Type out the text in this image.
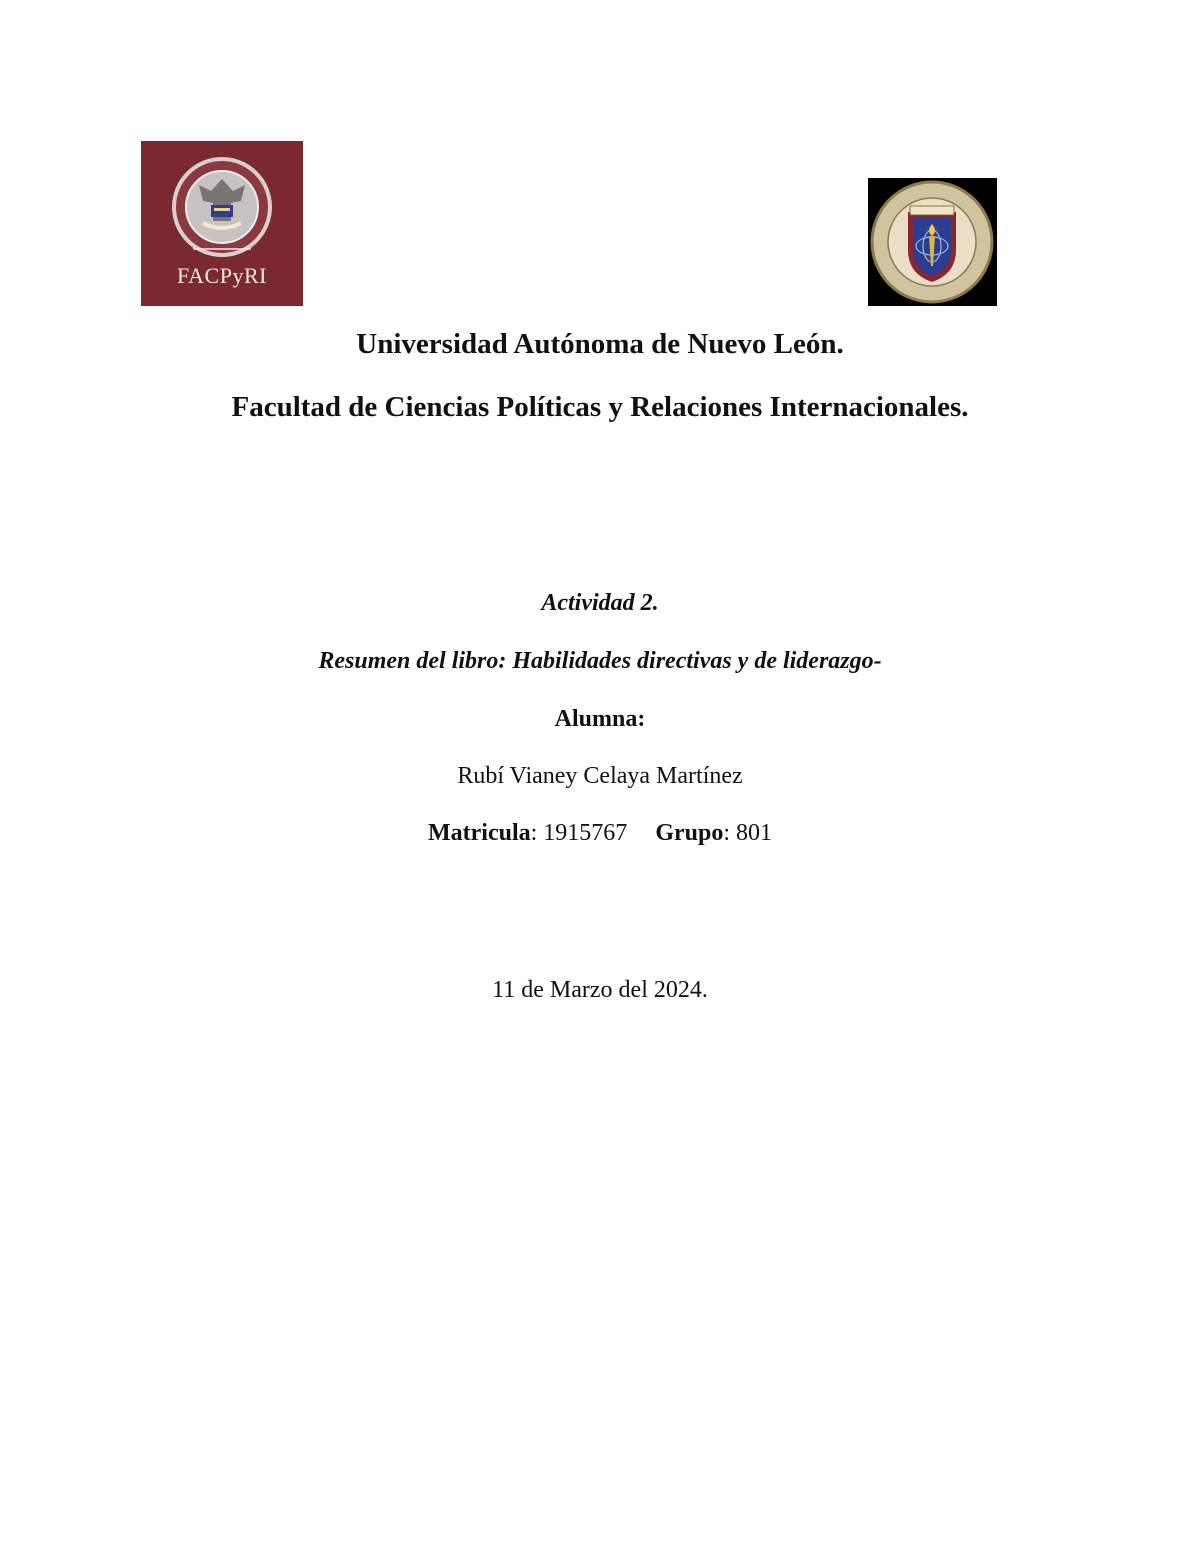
FACPyRI
Universidad Autónoma de Nuevo León.
Facultad de Ciencias Políticas y Relaciones Internacionales.
Actividad 2.
Resumen del libro: Habilidades directivas y de liderazgo-
Alumna:
Rubí Vianey Celaya Martínez
Matricula: 1915767 Grupo: 801
11 de Marzo del 2024.
